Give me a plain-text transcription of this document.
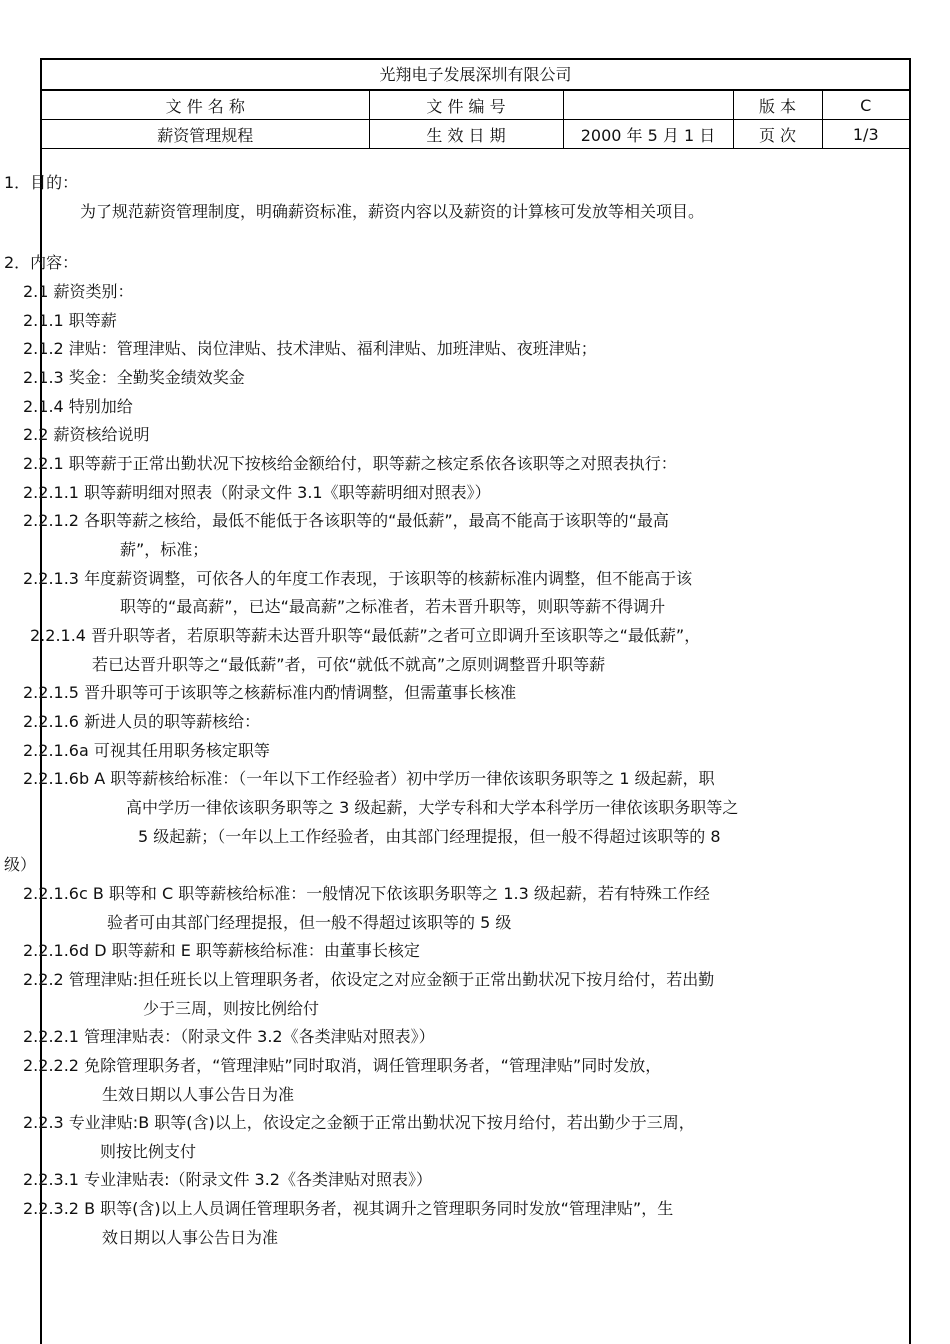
光翔电子发展深圳有限公司
文 件 名 称	文 件 编 号		版 本	C
薪资管理规程	生 效 日 期	2000 年 5 月 1 日	页 次	1/3
1．目的：
为了规范薪资管理制度，明确薪资标准，薪资内容以及薪资的计算核可发放等相关项目。
2．内容：
2.1 薪资类别：
2.1.1 职等薪
2.1.2 津贴：管理津贴、岗位津贴、技术津贴、福利津贴、加班津贴、夜班津贴；
2.1.3 奖金：全勤奖金绩效奖金
2.1.4 特别加给
2.2 薪资核给说明
2.2.1 职等薪于正常出勤状况下按核给金额给付，职等薪之核定系依各该职等之对照表执行：
2.2.1.1 职等薪明细对照表（附录文件 3.1《职等薪明细对照表》）
2.2.1.2 各职等薪之核给，最低不能低于各该职等的“最低薪”，最高不能高于该职等的“最高
薪”，标准；
2.2.1.3 年度薪资调整，可依各人的年度工作表现，于该职等的核薪标准内调整，但不能高于该
职等的“最高薪”，已达“最高薪”之标准者，若未晋升职等，则职等薪不得调升
2.2.1.4 晋升职等者，若原职等薪未达晋升职等“最低薪”之者可立即调升至该职等之“最低薪”，
若已达晋升职等之“最低薪”者，可依“就低不就高”之原则调整晋升职等薪
2.2.1.5 晋升职等可于该职等之核薪标准内酌情调整，但需董事长核准
2.2.1.6 新进人员的职等薪核给：
2.2.1.6a 可视其任用职务核定职等
2.2.1.6b A 职等薪核给标准：（一年以下工作经验者）初中学历一律依该职务职等之 1 级起薪，职
高中学历一律依该职务职等之 3 级起薪，大学专科和大学本科学历一律依该职务职等之
5 级起薪；（一年以上工作经验者，由其部门经理提报，但一般不得超过该职等的 8
级）
2.2.1.6c B 职等和 C 职等薪核给标准：一般情况下依该职务职等之 1.3 级起薪，若有特殊工作经
验者可由其部门经理提报，但一般不得超过该职等的 5 级
2.2.1.6d D 职等薪和 E 职等薪核给标准：由董事长核定
2.2.2 管理津贴:担任班长以上管理职务者，依设定之对应金额于正常出勤状况下按月给付，若出勤
少于三周，则按比例给付
2.2.2.1 管理津贴表：（附录文件 3.2《各类津贴对照表》）
2.2.2.2 免除管理职务者，“管理津贴”同时取消，调任管理职务者，“管理津贴”同时发放，
生效日期以人事公告日为准
2.2.3 专业津贴:B 职等(含)以上，依设定之金额于正常出勤状况下按月给付，若出勤少于三周，
则按比例支付
2.2.3.1 专业津贴表:（附录文件 3.2《各类津贴对照表》）
2.2.3.2 B 职等(含)以上人员调任管理职务者，视其调升之管理职务同时发放“管理津贴”，生
效日期以人事公告日为准
